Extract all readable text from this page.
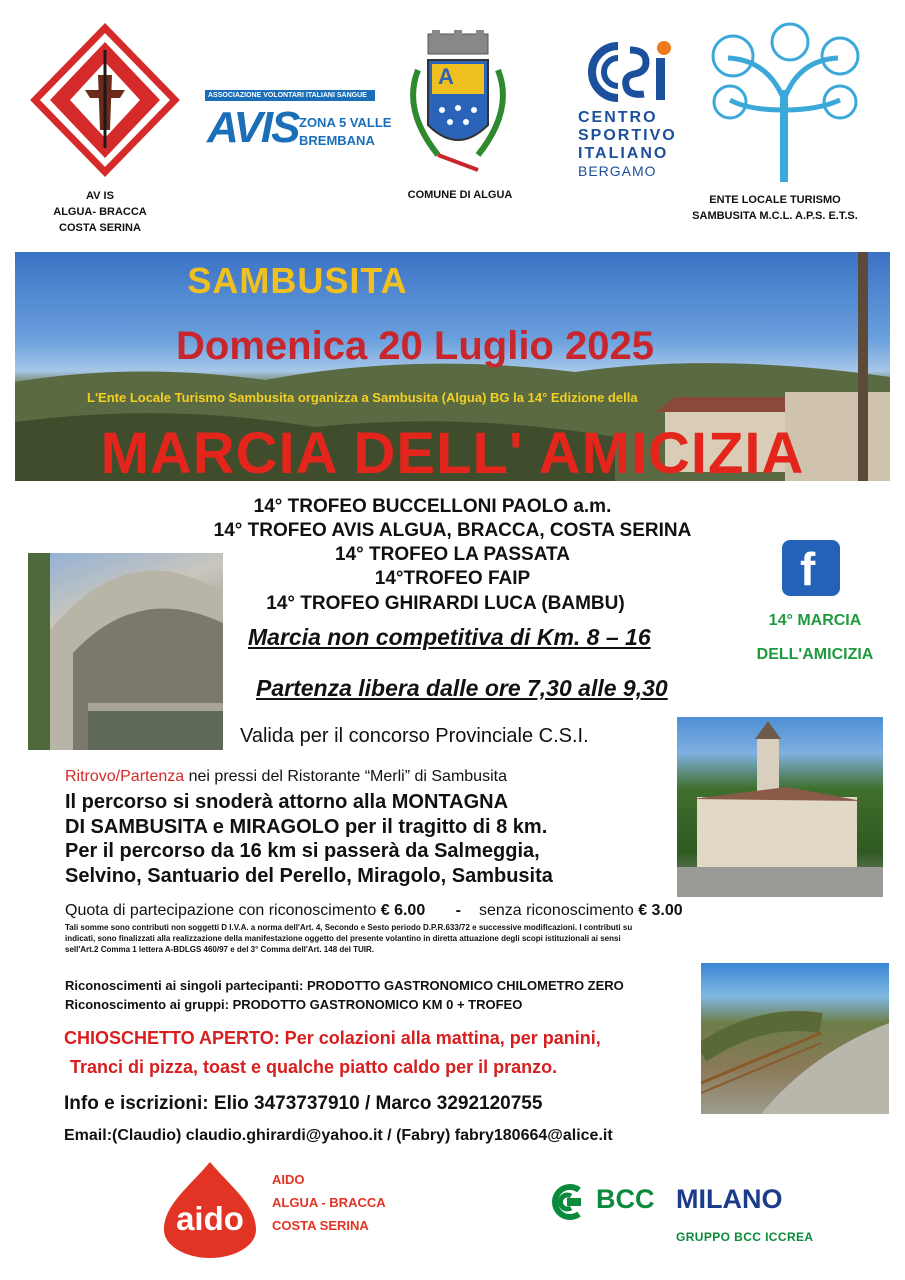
AV IS
ALGUA- BRACCA
COSTA SERINA
ASSOCIAZIONE VOLONTARI ITALIANI SANGUE
AVIS ZONA 5 VALLE
BREMBANA
A
COMUNE DI ALGUA
CENTRO
SPORTIVO
ITALIANO
BERGAMO
ENTE LOCALE TURISMO
SAMBUSITA M.C.L. A.P.S. E.T.S.
SAMBUSITA
Domenica 20 Luglio 2025
L'Ente Locale Turismo Sambusita organizza a Sambusita (Algua) BG la 14° Edizione della
MARCIA DELL' AMICIZIA
14° TROFEO BUCCELLONI PAOLO a.m.
14° TROFEO AVIS ALGUA, BRACCA, COSTA SERINA
14° TROFEO LA PASSATA
14°TROFEO FAIP
14° TROFEO GHIRARDI LUCA (BAMBU)
f
14° MARCIA
DELL'AMICIZIA
Marcia non competitiva di Km. 8 – 16
Partenza libera dalle ore 7,30 alle 9,30
Valida per il concorso Provinciale C.S.I.
Ritrovo/Partenza nei pressi del Ristorante “Merli” di Sambusita
Il percorso si snoderà attorno alla MONTAGNA
DI SAMBUSITA e MIRAGOLO per il tragitto di 8 km.
Per il percorso da 16 km si passerà da Salmeggia,
Selvino, Santuario del Perello, Miragolo, Sambusita
Quota di partecipazione con riconoscimento € 6.00 - senza riconoscimento € 3.00
Tali somme sono contributi non soggetti D I.V.A. a norma dell'Art. 4, Secondo e Sesto periodo D.P.R.633/72 e successive modificazioni. I contributi su
indicati, sono finalizzati alla realizzazione della manifestazione oggetto del presente volantino in diretta attuazione degli scopi istituzionali ai sensi
sell'Art.2 Comma 1 lettera A-BDLGS 460/97 e del 3° Comma dell'Art. 148 del TUIR.
Riconoscimenti ai singoli partecipanti: PRODOTTO GASTRONOMICO CHILOMETRO ZERO
Riconoscimento ai gruppi: PRODOTTO GASTRONOMICO KM 0 + TROFEO
CHIOSCHETTO APERTO: Per colazioni alla mattina, per panini,
Tranci di pizza, toast e qualche piatto caldo per il pranzo.
Info e iscrizioni: Elio 3473737910 / Marco 3292120755
Email:(Claudio) claudio.ghirardi@yahoo.it / (Fabry) fabry180664@alice.it
aido
AIDO
ALGUA - BRACCA
COSTA SERINA
BCC MILANO
GRUPPO BCC ICCREA
